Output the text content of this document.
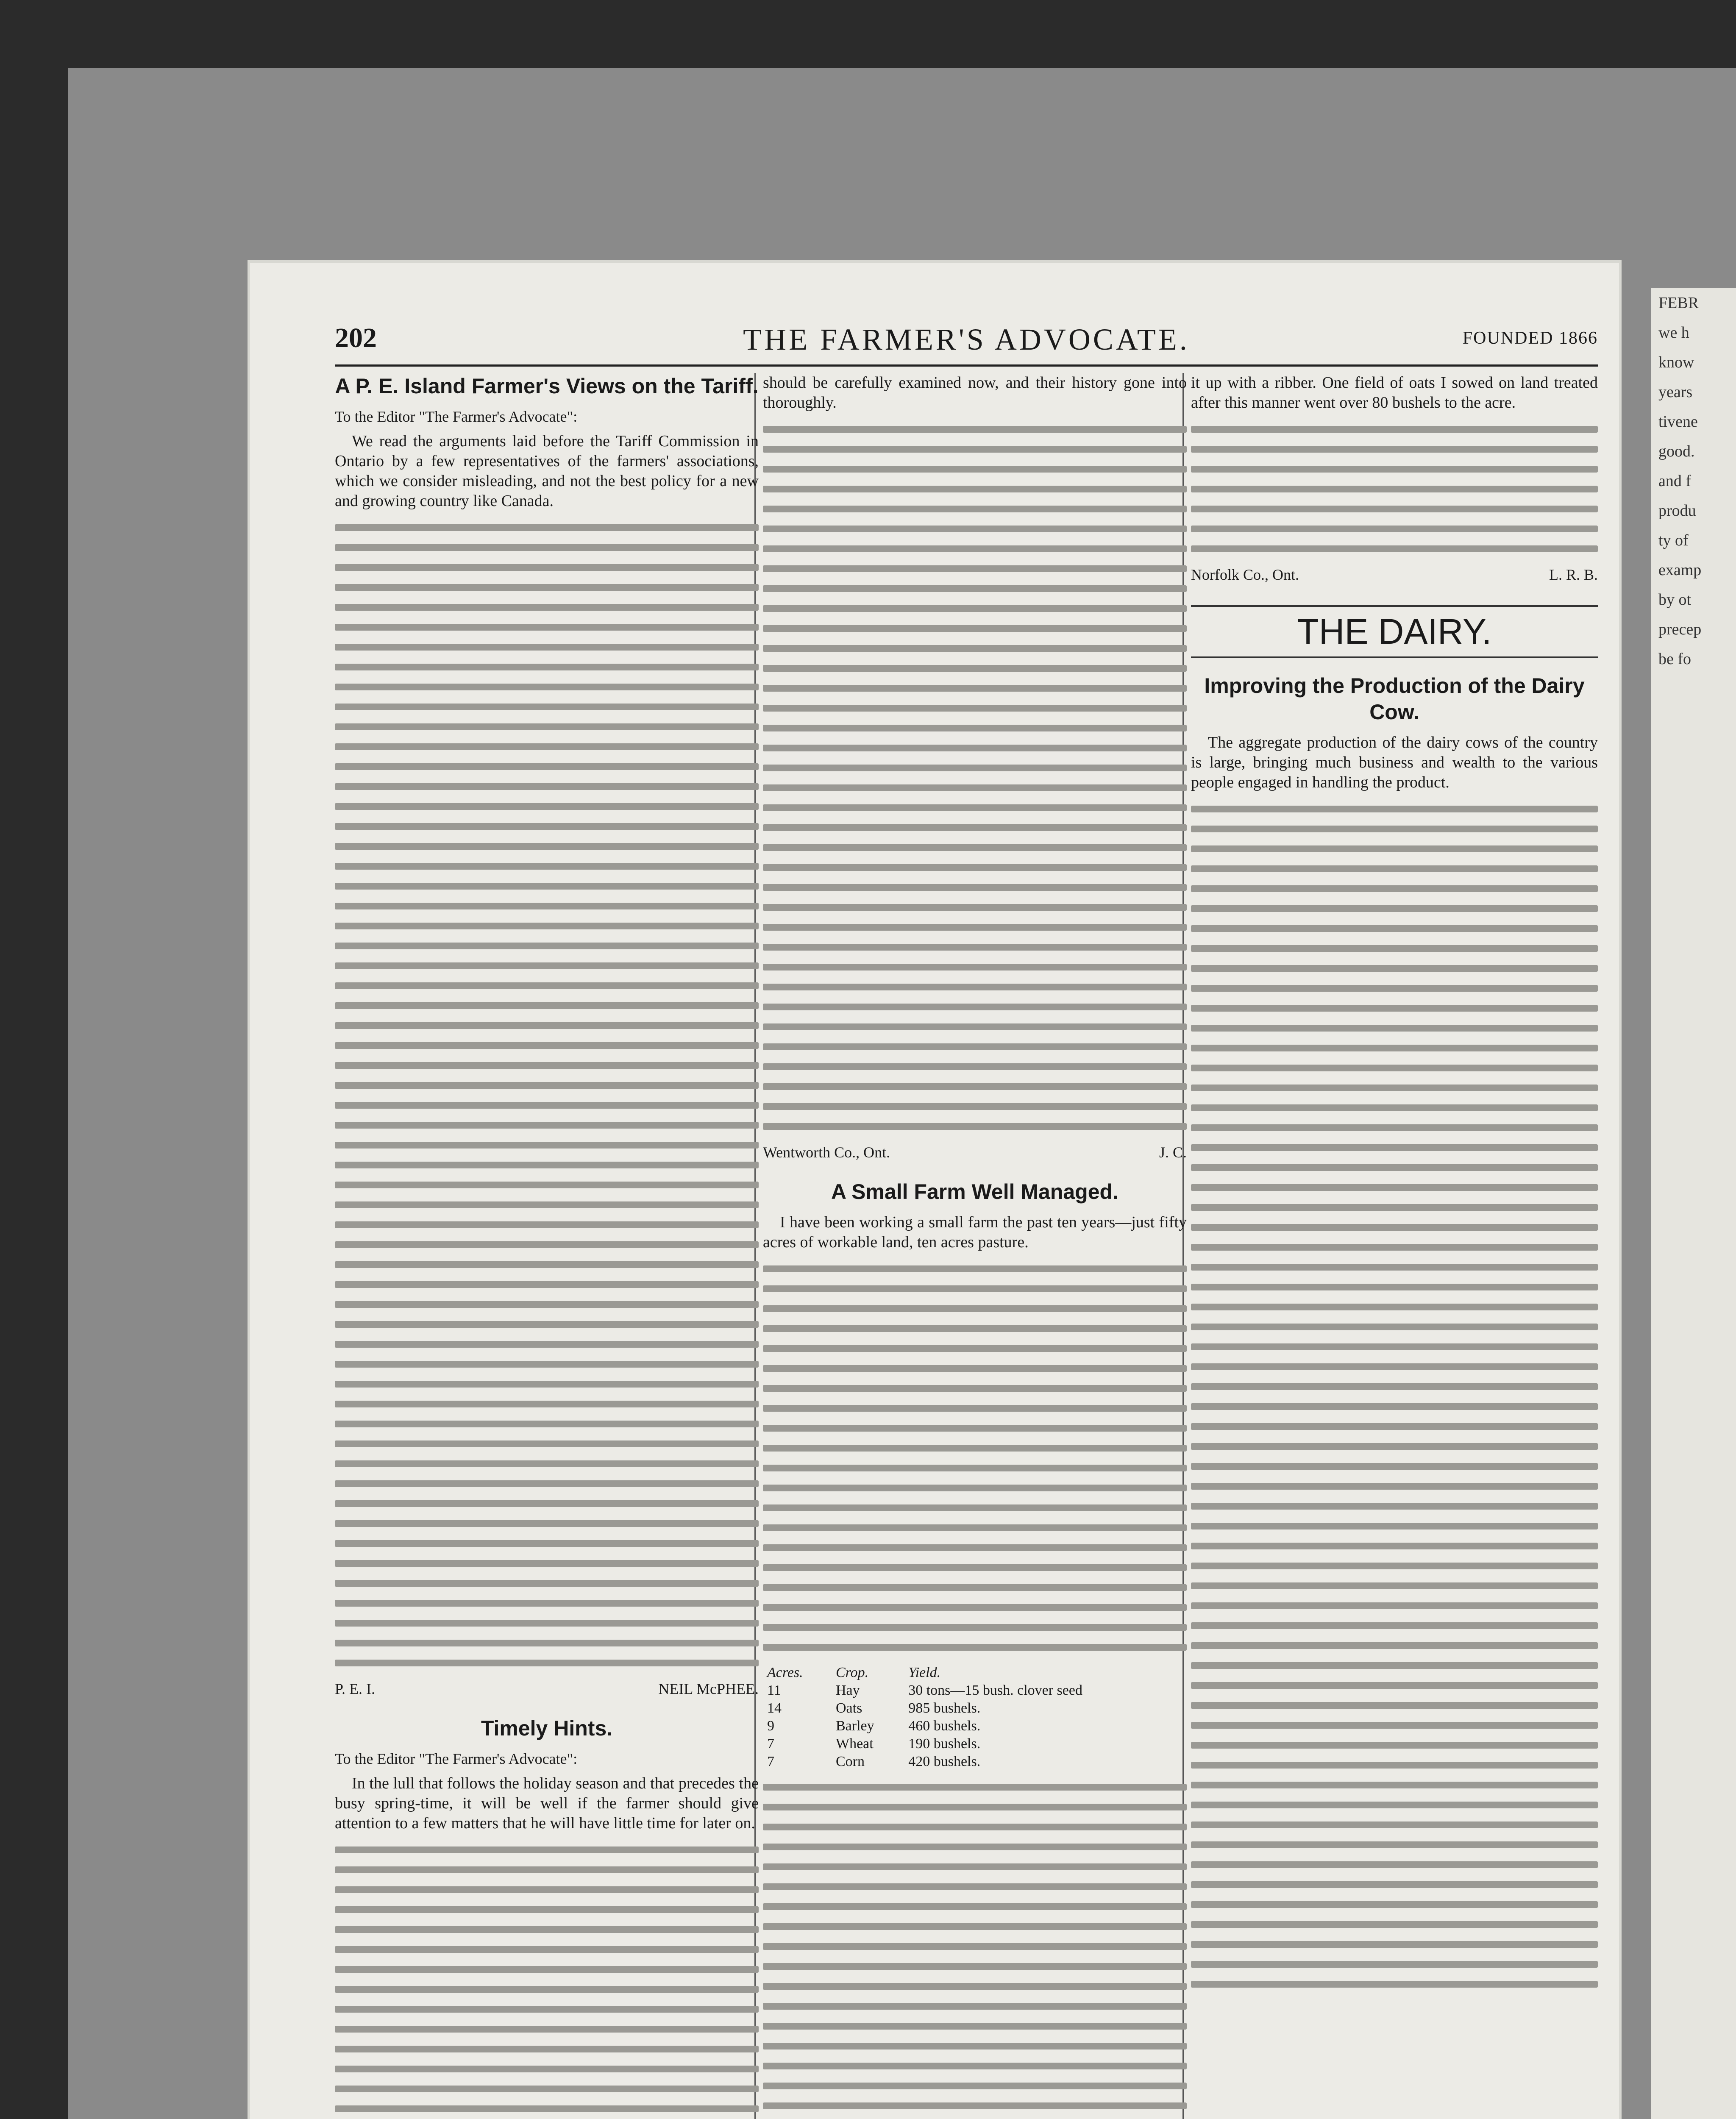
FEBR
we h
know
years
tivene
good.
and f
produ
ty of
examp
by ot
precep
be fo
202	THE FARMER'S ADVOCATE.	FOUNDED 1866
A P. E. Island Farmer's Views on the Tariff.

To the Editor "The Farmer's Advocate":

We read the arguments laid before the Tariff Commission in Ontario by a few representatives of the farmers' associations, which we consider misleading, and not the best policy for a new and growing country like Canada.

P. E. I.	NEIL McPHEE.
Timely Hints.

To the Editor "The Farmer's Advocate":

In the lull that follows the holiday season and that precedes the busy spring-time, it will be well if the farmer should give attention to a few matters that he will have little time for later on.

should be carefully examined now, and their history gone into thoroughly.

Wentworth Co., Ont.	J. C.
A Small Farm Well Managed.

I have been working a small farm the past ten years—just fifty acres of workable land, ten acres pasture.

Acres.	Crop.	Yield.
11	Hay	30 tons—15 bush. clover seed
14	Oats	985 bushels.
9	Barley	460 bushels.
7	Wheat	190 bushels.
7	Corn	420 bushels.

it up with a ribber. One field of oats I sowed on land treated after this manner went over 80 bushels to the acre.

Norfolk Co., Ont.	L. R. B.
THE DAIRY.
Improving the Production of the Dairy Cow.

The aggregate production of the dairy cows of the country is large, bringing much business and wealth to the various people engaged in handling the product.
